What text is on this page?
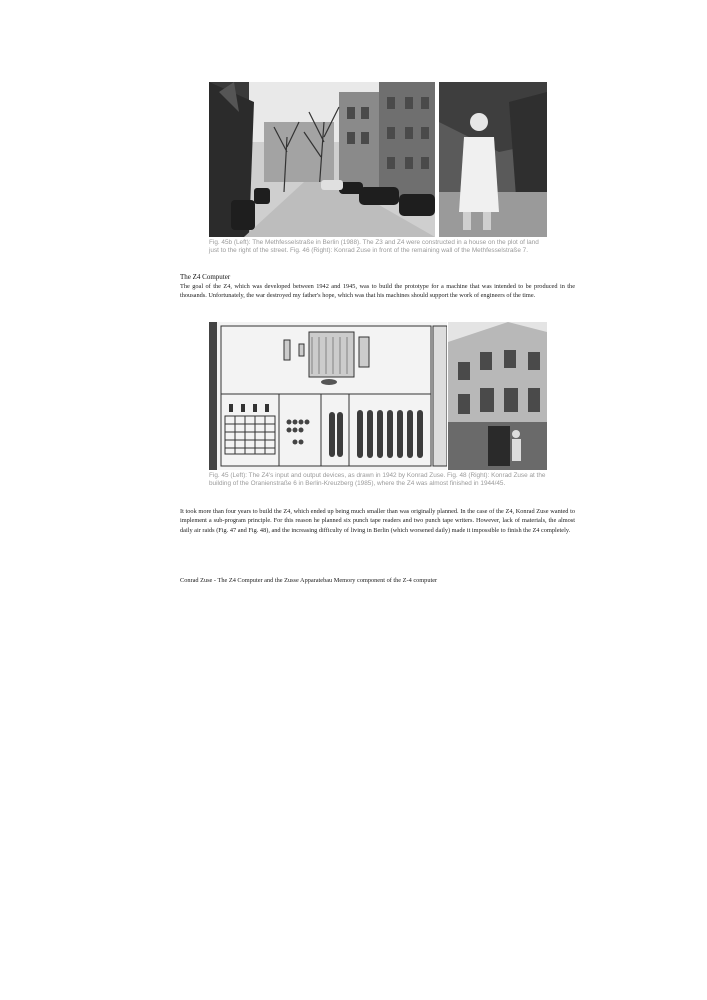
Fig. 45b (Left): The Methfesselstraße in Berlin (1988). The Z3 and Z4 were constructed in a house on the plot of land just to the right of the street. Fig. 46 (Right): Konrad Zuse in front of the remaining wall of the Methfesselstraße 7.
The Z4 Computer
The goal of the Z4, which was developed between 1942 and 1945, was to build the prototype for a machine that was intended to be produced in the thousands. Unfortunately, the war destroyed my father's hope, which was that his machines should support the work of engineers of the time.
Fig. 45 (Left): The Z4's input and output devices, as drawn in 1942 by Konrad Zuse. Fig. 48 (Right): Konrad Zuse at the building of the Oranienstraße 6 in Berlin-Kreuzberg (1985), where the Z4 was almost finished in 1944/45.
It took more than four years to build the Z4, which ended up being much smaller than was originally planned. In the case of the Z4, Konrad Zuse wanted to implement a sub-program principle. For this reason he planned six punch tape readers and two punch tape writers. However, lack of materials, the almost daily air raids (Fig. 47 and Fig. 48), and the increasing difficulty of living in Berlin (which worsened daily) made it impossible to finish the Z4 completely.
Conrad Zuse - The Z4 Computer and the Zusse Apparatebau Memory component of the Z-4 computer
